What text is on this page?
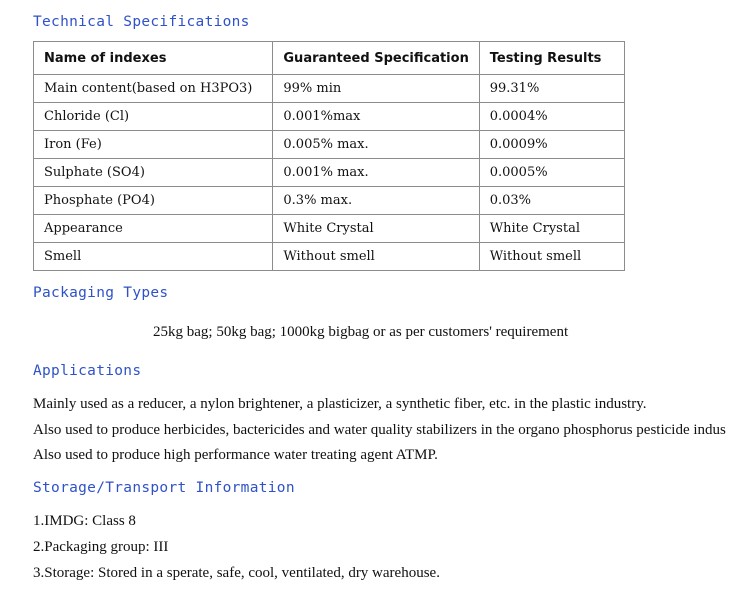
Technical Specifications
Name of indexes	Guaranteed Specification	Testing Results
Main content(based on H3PO3)	99% min	99.31%
Chloride (Cl)	0.001%max	0.0004%
Iron (Fe)	0.005% max.	0.0009%
Sulphate (SO4)	0.001% max.	0.0005%
Phosphate (PO4)	0.3% max.	0.03%
Appearance	White Crystal	White Crystal
Smell	Without smell	Without smell
Packaging Types

25kg bag; 50kg bag; 1000kg bigbag or as per customers' requirement

Applications

Mainly used as a reducer, a nylon brightener, a plasticizer, a synthetic fiber, etc. in the plastic industry.

Also used to produce herbicides, bactericides and water quality stabilizers in the organo phosphorus pesticide indus

Also used to produce high performance water treating agent ATMP.

Storage/Transport Information

1.IMDG: Class 8

2.Packaging group: III

3.Storage: Stored in a sperate, safe, cool, ventilated, dry warehouse.
